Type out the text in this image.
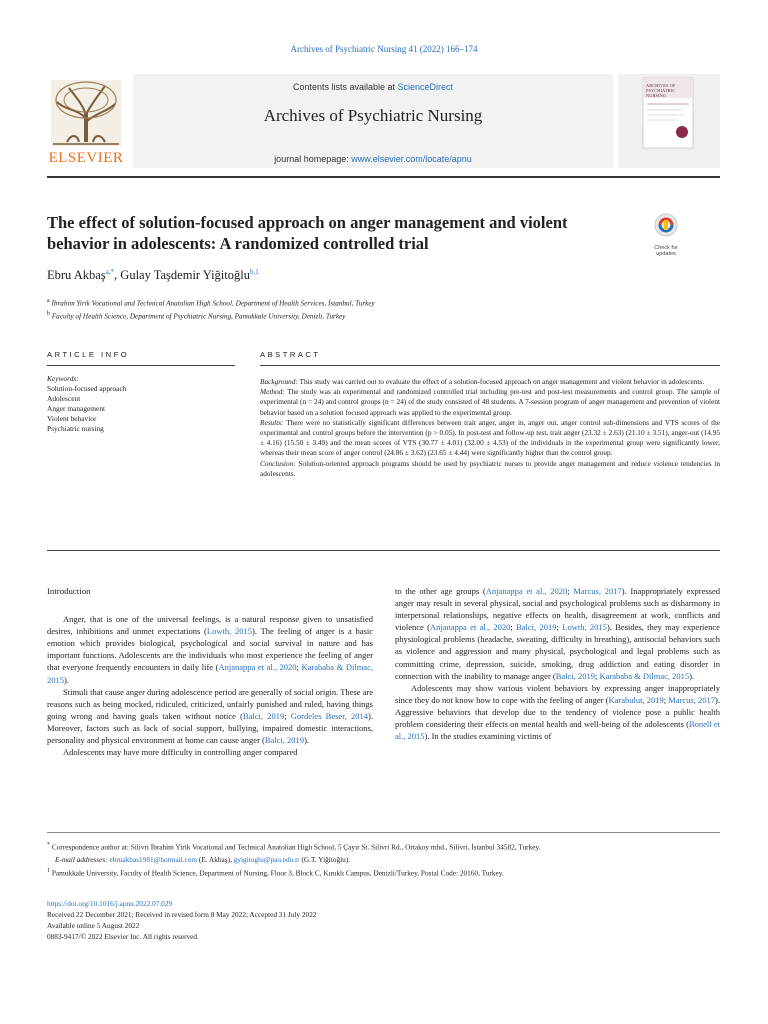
Archives of Psychiatric Nursing 41 (2022) 166–174
ELSEVIER
Contents lists available at ScienceDirect
Archives of Psychiatric Nursing
journal homepage: www.elsevier.com/locate/apnu
ARCHIVES OF PSYCHIATRIC NURSING
The effect of solution-focused approach on anger management and violent behavior in adolescents: A randomized controlled trial	Check for updates
Ebru Akbaş$^{a,*}$, Gulay Taşdemir Yiğitoğlu$^{b,1}$
$^a$ İbrahim Yirik Vocational and Technical Anatolian High School, Department of Health Services, İstanbul, Turkey
$^b$ Faculty of Health Science, Department of Psychiatric Nursing, Pamukkale University, Denizli, Turkey
ARTICLE INFO	ABSTRACT
Keywords:
Solution-focused approach
Adolescent
Anger management
Violent behavior
Psychiatric nursing

Background: This study was carried out to evaluate the effect of a solution-focused approach on anger management and violent behavior in adolescents.

Method: The study was an experimental and randomized controlled trial including pre-test and post-test measurements and control group. The sample of experimental (n = 24) and control groups (n = 24) of the study consisted of 48 students. A 7-session program of anger management and prevention of violent behavior based on a solution focused approach was applied to the experimental group.

Results: There were no statistically significant differences between trait anger, anger in, anger out, anger control sub-dimensions and VTS scores of the experimental and control groups before the intervention (p > 0.05). In post-test and follow-up test, trait anger (23.32 ± 2.63) (21.10 ± 3.51), anger-out (14.95 ± 4.16) (15.50 ± 3.49) and the mean scores of VTS (30.77 ± 4.01) (32.00 ± 4.53) of the individuals in the experimental group were significantly lower, whereas their mean score of anger control (24.86 ± 3.62) (23.65 ± 4.44) were significantly higher than the control group.

Conclusion: Solution-oriented approach programs should be used by psychiatric nurses to provide anger management and reduce violence tendencies in adolescents.

Introduction

Anger, that is one of the universal feelings, is a natural response given to unsatisfied desires, inhibitions and unmet expectations (Lowth, 2015). The feeling of anger is a basic emotion which provides biological, psychological and social survival in nature and has important functions. Adolescents are the individuals who most experience the feeling of anger that everyone frequently encounters in daily life (Anjanappa et al., 2020; Karababa & Dilmac, 2015).

Stimuli that cause anger during adolescence period are generally of social origin. These are reasons such as being mocked, ridiculed, criticized, unfairly punished and ruled, having things going wrong and having goals taken without notice (Balci, 2019; Gordeles Beser, 2014). Moreover, factors such as lack of social support, bullying, impaired domestic interactions, personality and physical environment at home can cause anger (Balci, 2019).

Adolescents may have more difficulty in controlling anger compared

to the other age groups (Anjanappa et al., 2020; Marcus, 2017). Inappropriately expressed anger may result in several physical, social and psychological problems such as disharmony in interpersonal relationships, negative effects on health, disagreement at work, conflicts and violence (Anjanappa et al., 2020; Balci, 2019; Lowth, 2015). Besides, they may experience physiological problems (headache, sweating, difficulty in breathing), antisocial behaviors such as violence and aggression and many physical, psychological and legal problems such as committing crime, depression, suicide, smoking, drug addiction and eating disorder in connection with the inability to manage anger (Balci, 2019; Karababa & Dilmac, 2015).

Adolescents may show various violent behaviors by expressing anger inappropriately since they do not know how to cope with the feeling of anger (Karabulut, 2019; Marcus, 2017). Aggressive behaviors that develop due to the tendency of violence pose a public health problem considering their effects on mental health and well-being of the adolescents (Bonell et al., 2015). In the studies examining victims of

* Correspondence author at: Silivri İbrahim Yirik Vocational and Technical Anatolian High School, 5 Çayır St. Silivri Rd., Ortakoy mhd., Silivri, İstanbul 34582, Turkey.

E-mail addresses: ebruakbas1981@hotmail.com (E. Akbaş), gyigitoglu@pau.edu.tr (G.T. Yiğitoğlu).

$^1$ Pamukkale University, Faculty of Health Science, Department of Nursing, Floor 3, Block C, Kınıklı Campus, Denizli/Turkey, Postal Code: 20160, Turkey.

https://doi.org/10.1016/j.apnu.2022.07.029
Received 22 December 2021; Received in revised form 8 May 2022; Accepted 31 July 2022
Available online 5 August 2022
0883-9417/© 2022 Elsevier Inc. All rights reserved.
